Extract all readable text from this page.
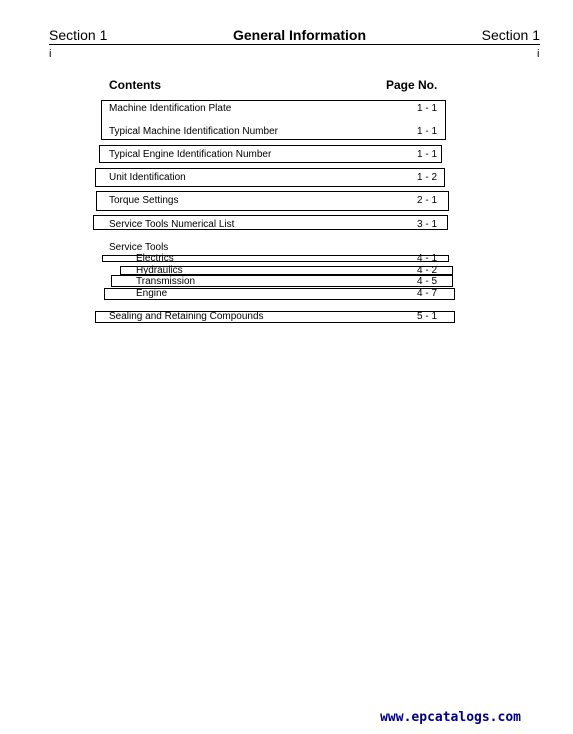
Section 1	General Information	Section 1
i	i
Contents	Page No.
Machine Identification Plate	1 - 1
Typical Machine Identification Number	1 - 1
Typical Engine Identification Number	1 - 1
Unit Identification	1 - 2
Torque Settings	2 - 1
Service Tools Numerical List	3 - 1
Service Tools
Electrics	4 - 1
Hydraulics	4 - 2
Transmission	4 - 5
Engine	4 - 7
Sealing and Retaining Compounds	5 - 1
www.epcatalogs.com
